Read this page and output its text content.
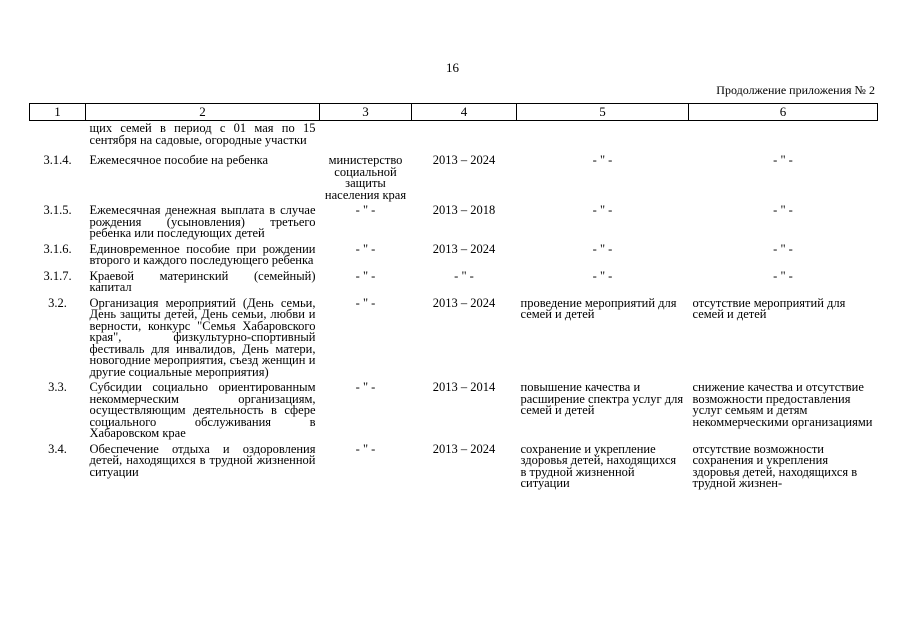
16
Продолжение приложения № 2
1	2	3	4	5	6
	щих семей в период с 01 мая по 15 сентября на садовые, огородные участки				
3.1.4.	Ежемесячное пособие на ребенка	министерство социальной защиты населения края	2013 – 2024	- " -	- " -
3.1.5.	Ежемесячная денежная выплата в случае рождения (усыновления) третьего ребенка или последующих детей	- " -	2013 – 2018	- " -	- " -
3.1.6.	Единовременное пособие при рождении второго и каждого последующего ребенка	- " -	2013 – 2024	- " -	- " -
3.1.7.	Краевой материнский (семейный) капитал	- " -	- " -	- " -	- " -
3.2.	Организация мероприятий (День семьи, День защиты детей, День семьи, любви и верности, конкурс "Семья Хабаровского края", физкультурно-спортивный фестиваль для инвалидов, День матери, новогодние мероприятия, съезд женщин и другие социальные мероприятия)	- " -	2013 – 2024	проведение мероприятий для семей и детей	отсутствие мероприятий для семей и детей
3.3.	Субсидии социально ориентированным некоммерческим организациям, осуществляющим деятельность в сфере социального обслуживания в Хабаровском крае	- " -	2013 – 2014	повышение качества и расширение спектра услуг для семей и детей	снижение качества и отсутствие возможности предоставления услуг семьям и детям некоммерческими организациями
3.4.	Обеспечение отдыха и оздоровления детей, находящихся в трудной жизненной ситуации	- " -	2013 – 2024	сохранение и укрепление здоровья детей, находящихся в трудной жизненной ситуации	отсутствие возможности сохранения и укрепления здоровья детей, находящихся в трудной жизнен-
